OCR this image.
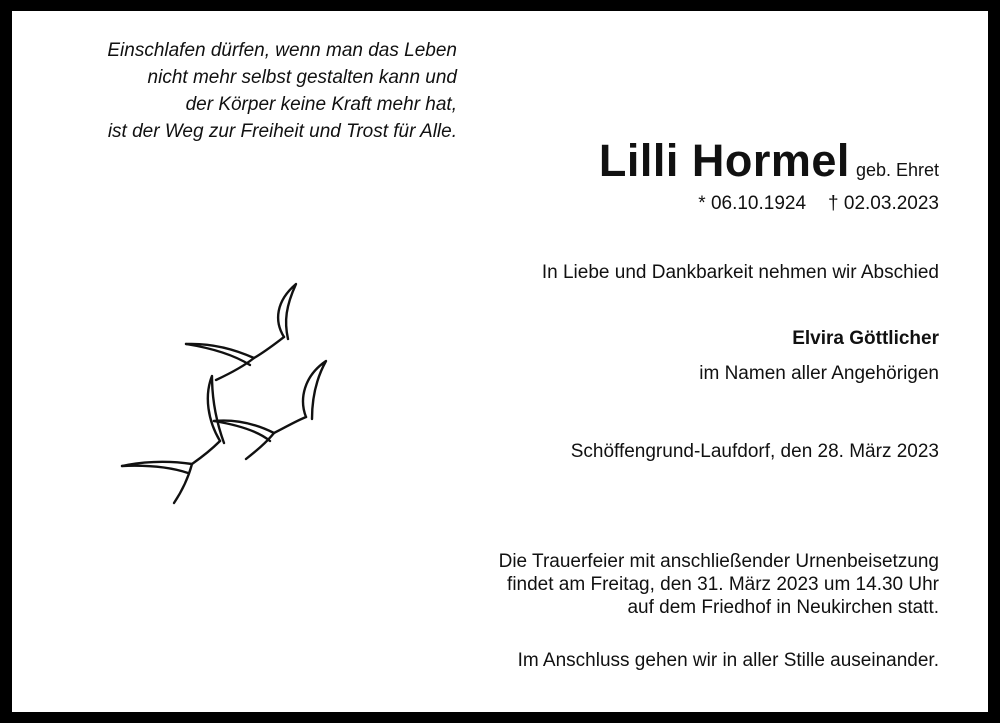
Einschlafen dürfen, wenn man das Leben
nicht mehr selbst gestalten kann und
der Körper keine Kraft mehr hat,
ist der Weg zur Freiheit und Trost für Alle.
Lilli Hormel geb. Ehret
* 06.10.1924 † 02.03.2023
In Liebe und Dankbarkeit nehmen wir Abschied
Elvira Göttlicher
im Namen aller Angehörigen
Schöffengrund-Laufdorf, den 28. März 2023
Die Trauerfeier mit anschließender Urnenbeisetzung
findet am Freitag, den 31. März 2023 um 14.30 Uhr
auf dem Friedhof in Neukirchen statt.
Im Anschluss gehen wir in aller Stille auseinander.
